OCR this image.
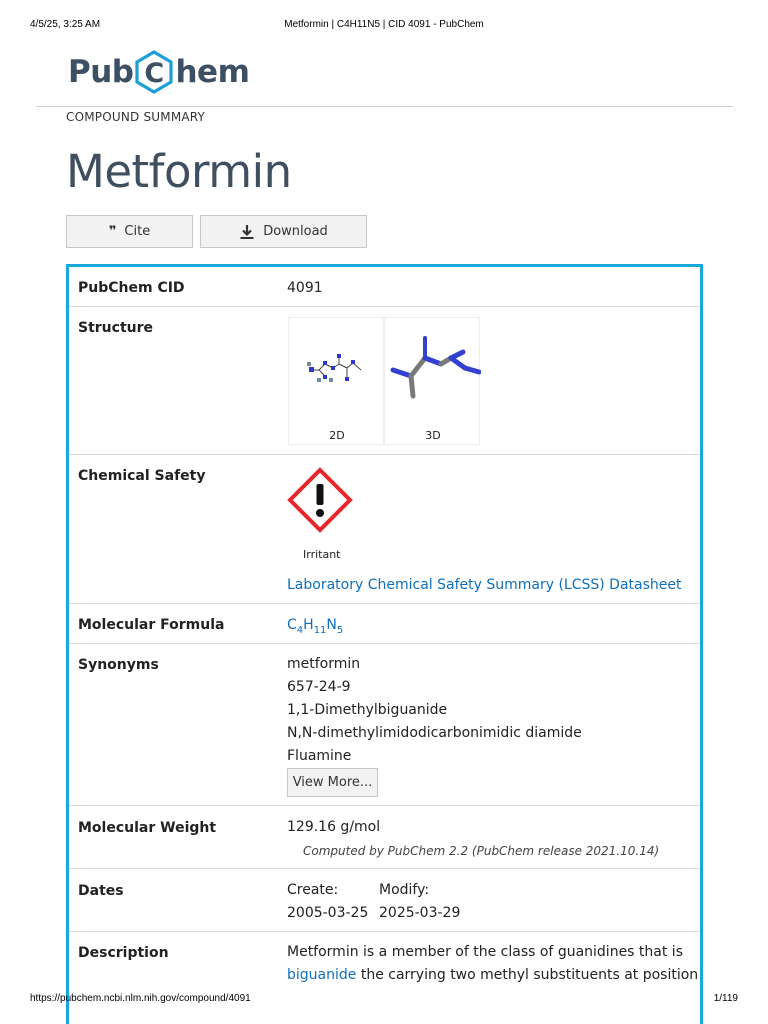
4/5/25, 3:25 AM	Metformin | C4H11N5 | CID 4091 - PubChem
Pub C hem
COMPOUND SUMMARY
Metformin
❞ Cite	Download
PubChem CID	4091
Structure
2D	3D
Chemical Safety
Irritant
Laboratory Chemical Safety Summary (LCSS) Datasheet
Molecular Formula	$C_4H_{11}N_5$
Synonyms	metformin
657-24-9
1,1-Dimethylbiguanide
N,N-dimethylimidodicarbonimidic diamide
Fluamine
View More...
Molecular Weight	129.16 g/mol
Computed by PubChem 2.2 (PubChem release 2021.10.14)
Dates	Create:
2005-03-25
Modify:
2025-03-29
Description	Metformin is a member of the class of guanidines that is
biguanide the carrying two methyl substituents at position
https://pubchem.ncbi.nlm.nih.gov/compound/4091	1/119
